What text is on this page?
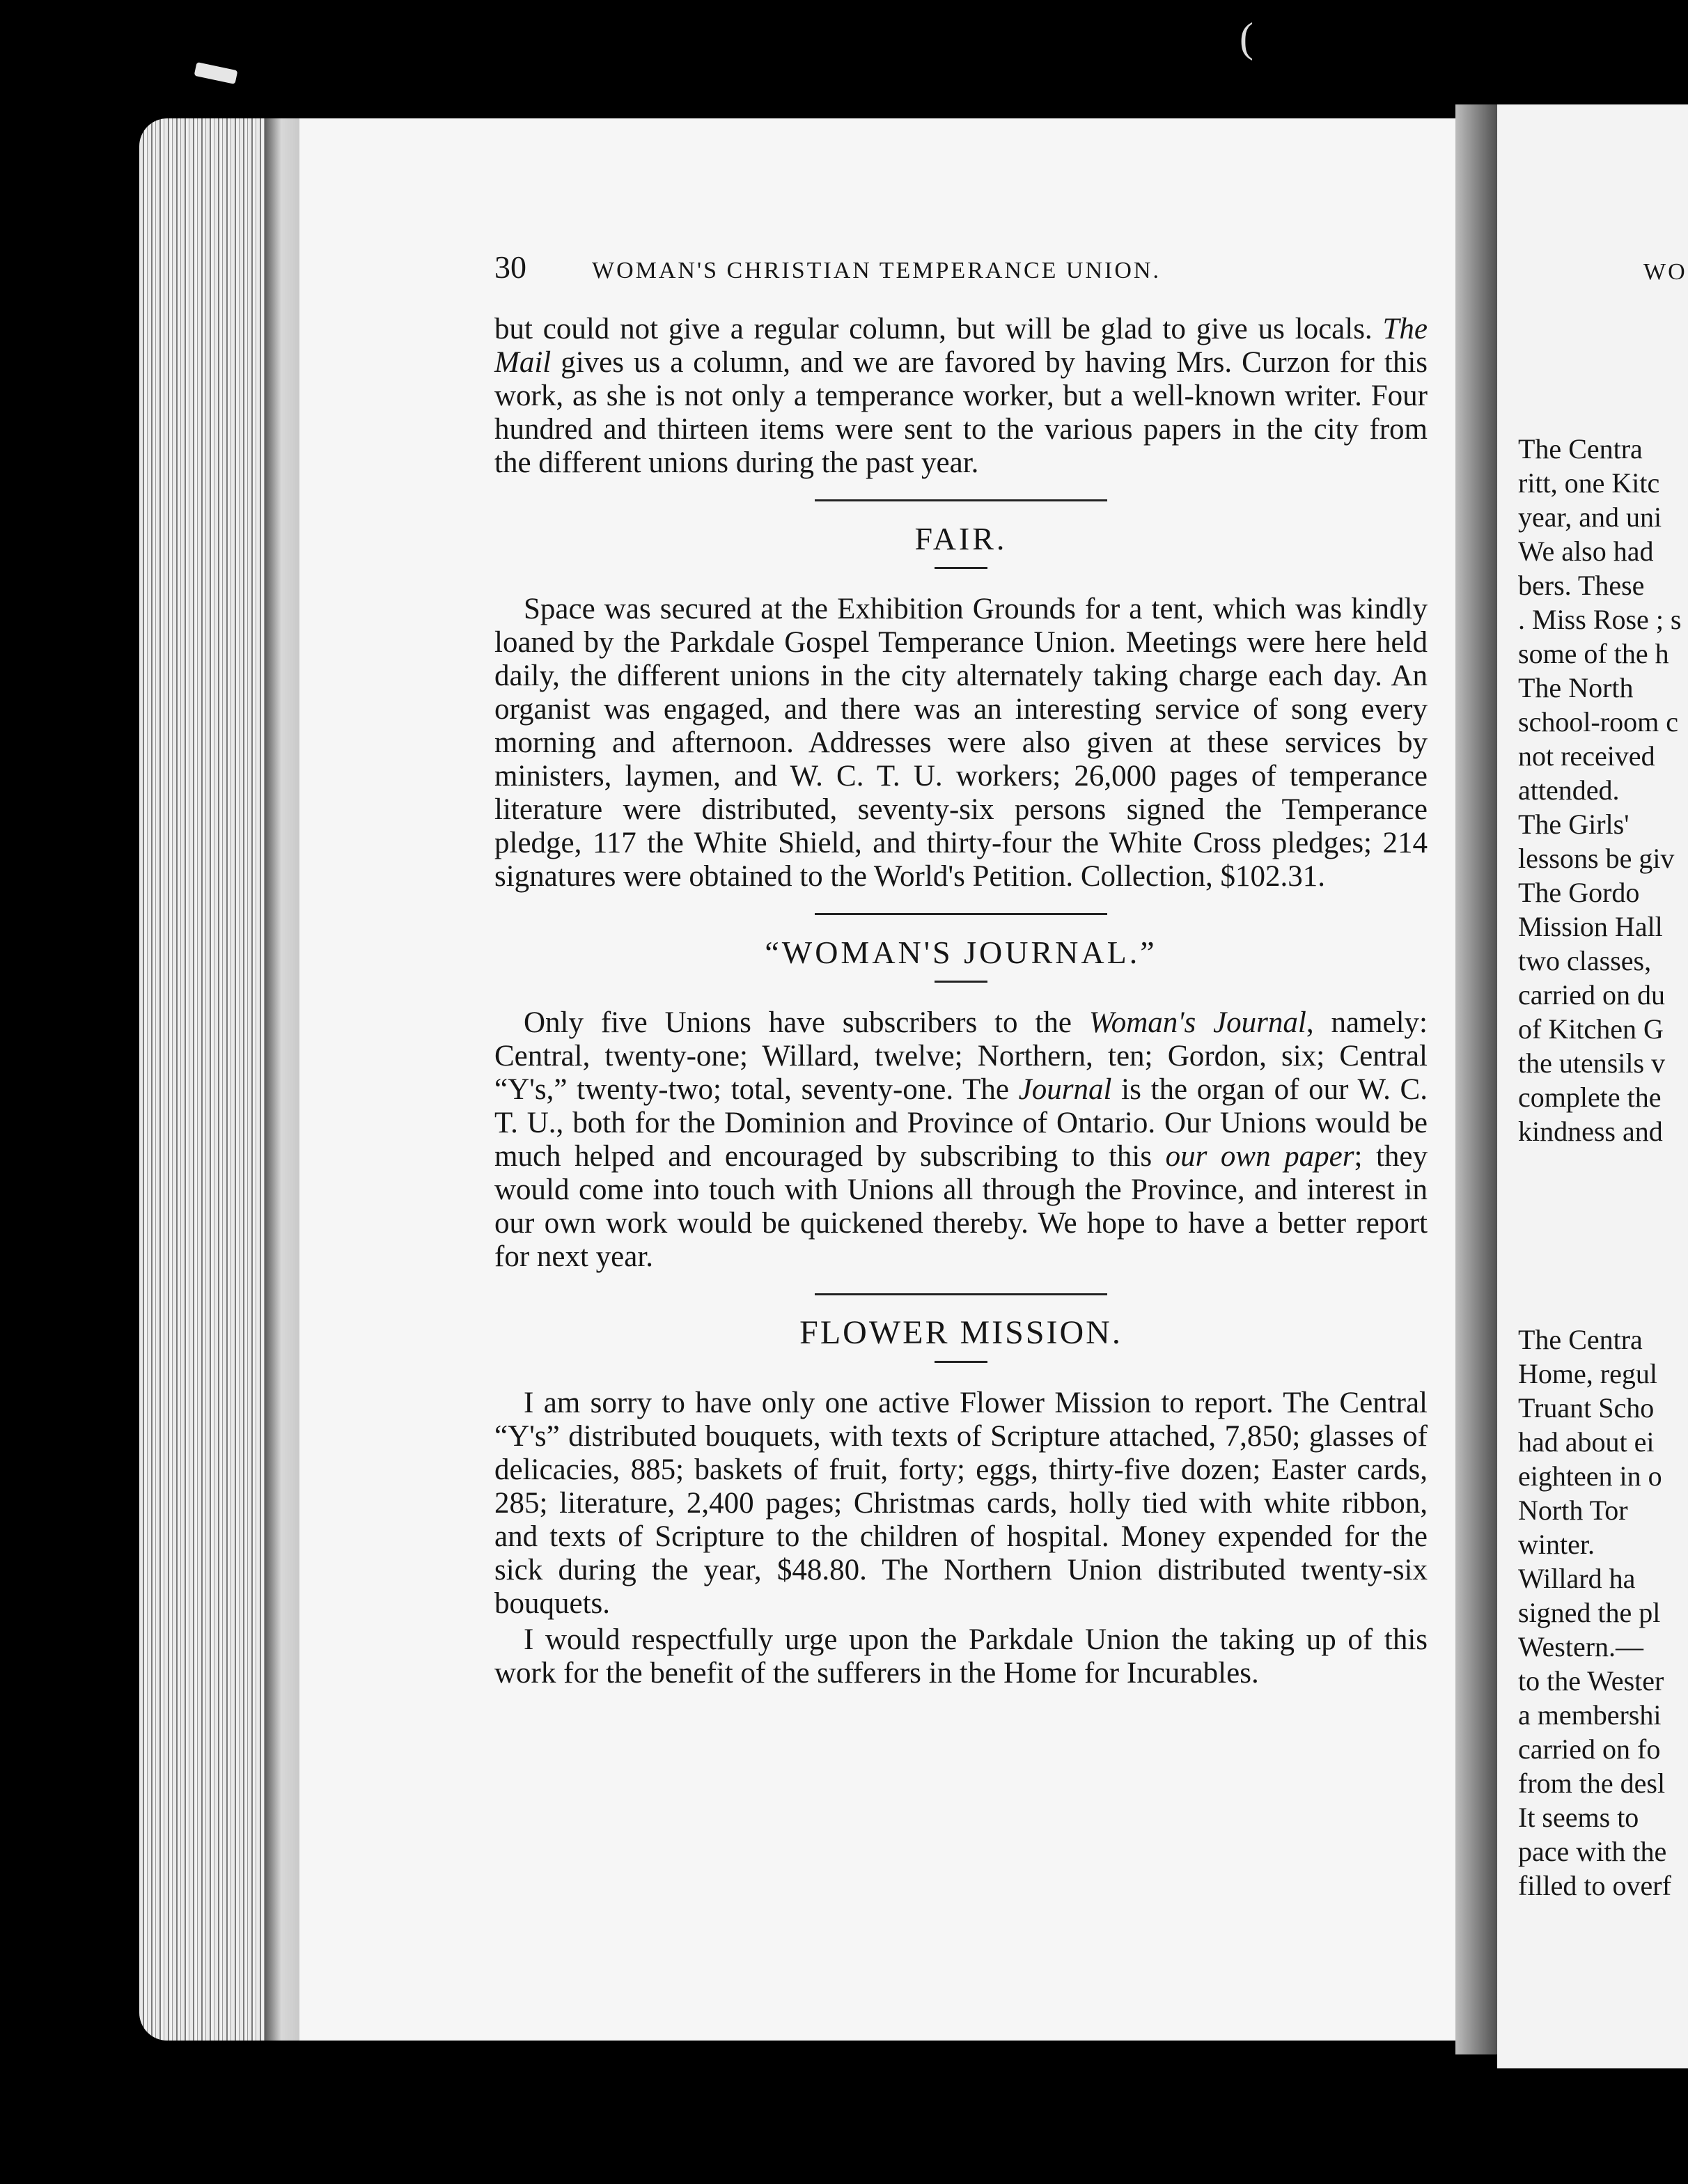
(
30	WOMAN'S CHRISTIAN TEMPERANCE UNION.

but could not give a regular column, but will be glad to give us locals. The Mail gives us a column, and we are favored by having Mrs. Curzon for this work, as she is not only a temperance worker, but a well-known writer. Four hundred and thirteen items were sent to the various papers in the city from the different unions during the past year.

FAIR.

Space was secured at the Exhibition Grounds for a tent, which was kindly loaned by the Parkdale Gospel Temperance Union. Meetings were here held daily, the different unions in the city alternately taking charge each day. An organist was engaged, and there was an interesting service of song every morning and afternoon. Addresses were also given at these services by ministers, laymen, and W. C. T. U. workers; 26,000 pages of temperance literature were distributed, seventy-six persons signed the Temperance pledge, 117 the White Shield, and thirty-four the White Cross pledges; 214 signatures were obtained to the World's Petition. Collection, $102.31.

“WOMAN'S JOURNAL.”

Only five Unions have subscribers to the Woman's Journal, namely: Central, twenty-one; Willard, twelve; Northern, ten; Gordon, six; Central “Y's,” twenty-two; total, seventy-one. The Journal is the organ of our W. C. T. U., both for the Dominion and Province of Ontario. Our Unions would be much helped and encouraged by subscribing to this our own paper; they would come into touch with Unions all through the Province, and interest in our own work would be quickened thereby. We hope to have a better report for next year.

FLOWER MISSION.

I am sorry to have only one active Flower Mission to report. The Central “Y's” distributed bouquets, with texts of Scripture attached, 7,850; glasses of delicacies, 885; baskets of fruit, forty; eggs, thirty-five dozen; Easter cards, 285; literature, 2,400 pages; Christmas cards, holly tied with white ribbon, and texts of Scripture to the children of hospital. Money expended for the sick during the year, $48.80. The Northern Union distributed twenty-six bouquets.

I would respectfully urge upon the Parkdale Union the taking up of this work for the benefit of the sufferers in the Home for Incurables.

WO
The Centra
ritt, one Kitc
year, and uni
We also had
bers. These
. Miss Rose ; s
some of the h
The North
school-room c
not received
attended.
The Girls'
lessons be giv
The Gordo
Mission Hall
two classes,
carried on du
of Kitchen G
the utensils v
complete the
kindness and
The Centra
Home, regul
Truant Scho
had about ei
eighteen in o
North Tor
winter.
Willard ha
signed the pl
Western.—
to the Wester
a membershi
carried on fo
from the desl
It seems to
pace with the
filled to overf
